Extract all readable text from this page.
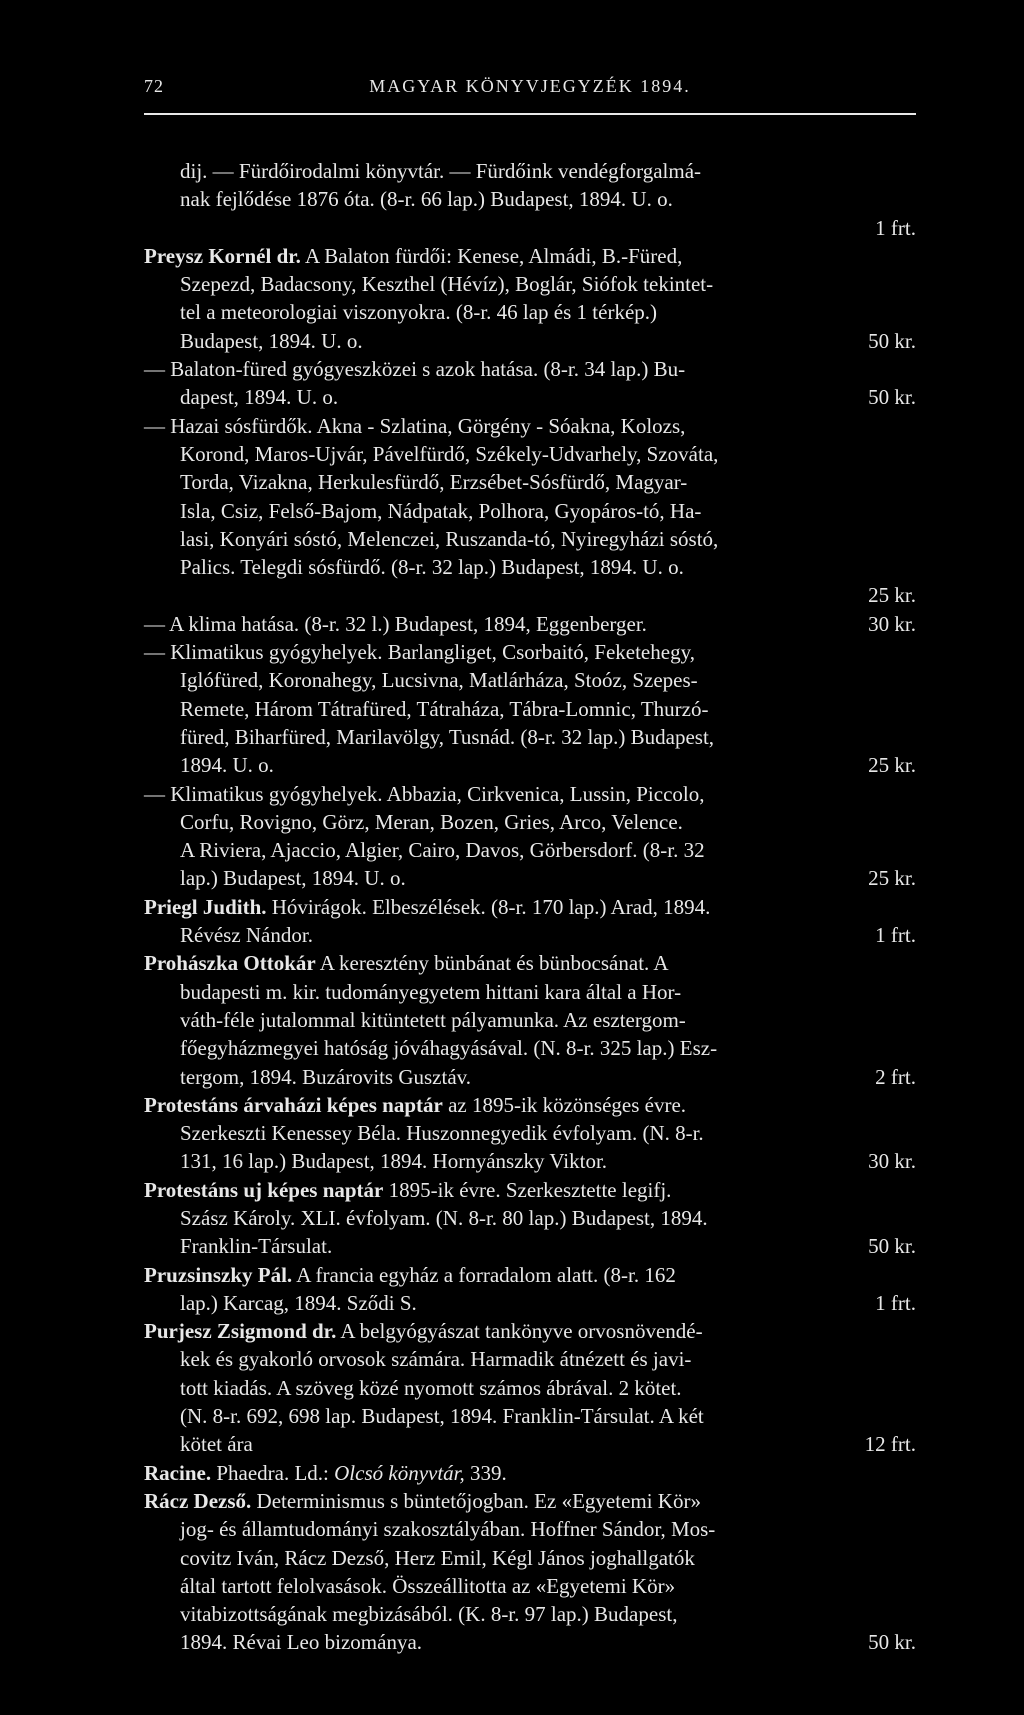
72	MAGYAR KÖNYVJEGYZÉK 1894.
dij. — Fürdőirodalmi könyvtár. — Fürdőink vendégforgalmá-
nak fejlődése 1876 óta. (8-r. 66 lap.) Budapest, 1894. U. o.
1 frt.
Preysz Kornél dr. A Balaton fürdői: Kenese, Almádi, B.-Füred,
Szepezd, Badacsony, Keszthel (Hévíz), Boglár, Siófok tekintet-
tel a meteorologiai viszonyokra. (8-r. 46 lap és 1 térkép.)
Budapest, 1894. U. o.	50 kr.
— Balaton-füred gyógyeszközei s azok hatása. (8-r. 34 lap.) Bu-
dapest, 1894. U. o.	50 kr.
— Hazai sósfürdők. Akna - Szlatina, Görgény - Sóakna, Kolozs,
Korond, Maros-Ujvár, Pávelfürdő, Székely-Udvarhely, Szováta,
Torda, Vizakna, Herkulesfürdő, Erzsébet-Sósfürdő, Magyar-
Isla, Csiz, Felső-Bajom, Nádpatak, Polhora, Gyopáros-tó, Ha-
lasi, Konyári sóstó, Melenczei, Ruszanda-tó, Nyiregyházi sóstó,
Palics. Telegdi sósfürdő. (8-r. 32 lap.) Budapest, 1894. U. o.
25 kr.
— A klima hatása. (8-r. 32 l.) Budapest, 1894, Eggenberger.	30 kr.
— Klimatikus gyógyhelyek. Barlangliget, Csorbaitó, Feketehegy,
Iglófüred, Koronahegy, Lucsivna, Matlárháza, Stoóz, Szepes-
Remete, Három Tátrafüred, Tátraháza, Tábra-Lomnic, Thurzó-
füred, Biharfüred, Marilavölgy, Tusnád. (8-r. 32 lap.) Budapest,
1894. U. o.	25 kr.
— Klimatikus gyógyhelyek. Abbazia, Cirkvenica, Lussin, Piccolo,
Corfu, Rovigno, Görz, Meran, Bozen, Gries, Arco, Velence.
A Riviera, Ajaccio, Algier, Cairo, Davos, Görbersdorf. (8-r. 32
lap.) Budapest, 1894. U. o.	25 kr.
Priegl Judith. Hóvirágok. Elbeszélések. (8-r. 170 lap.) Arad, 1894.
Révész Nándor.	1 frt.
Prohászka Ottokár A keresztény bünbánat és bünbocsánat. A
budapesti m. kir. tudományegyetem hittani kara által a Hor-
váth-féle jutalommal kitüntetett pályamunka. Az esztergom-
főegyházmegyei hatóság jóváhagyásával. (N. 8-r. 325 lap.) Esz-
tergom, 1894. Buzárovits Gusztáv.	2 frt.
Protestáns árvaházi képes naptár az 1895-ik közönséges évre.
Szerkeszti Kenessey Béla. Huszonnegyedik évfolyam. (N. 8-r.
131, 16 lap.) Budapest, 1894. Hornyánszky Viktor.	30 kr.
Protestáns uj képes naptár 1895-ik évre. Szerkesztette legifj.
Szász Károly. XLI. évfolyam. (N. 8-r. 80 lap.) Budapest, 1894.
Franklin-Társulat.	50 kr.
Pruzsinszky Pál. A francia egyház a forradalom alatt. (8-r. 162
lap.) Karcag, 1894. Sződi S.	1 frt.
Purjesz Zsigmond dr. A belgyógyászat tankönyve orvosnövendé-
kek és gyakorló orvosok számára. Harmadik átnézett és javi-
tott kiadás. A szöveg közé nyomott számos ábrával. 2 kötet.
(N. 8-r. 692, 698 lap. Budapest, 1894. Franklin-Társulat. A két
kötet ára	12 frt.
Racine. Phaedra. Ld.: Olcsó könyvtár, 339.
Rácz Dezső. Determinismus s büntetőjogban. Ez «Egyetemi Kör»
jog- és államtudományi szakosztályában. Hoffner Sándor, Mos-
covitz Iván, Rácz Dezső, Herz Emil, Kégl János joghallgatók
által tartott felolvasások. Összeállitotta az «Egyetemi Kör»
vitabizottságának megbizásából. (K. 8-r. 97 lap.) Budapest,
1894. Révai Leo bizománya.	50 kr.
